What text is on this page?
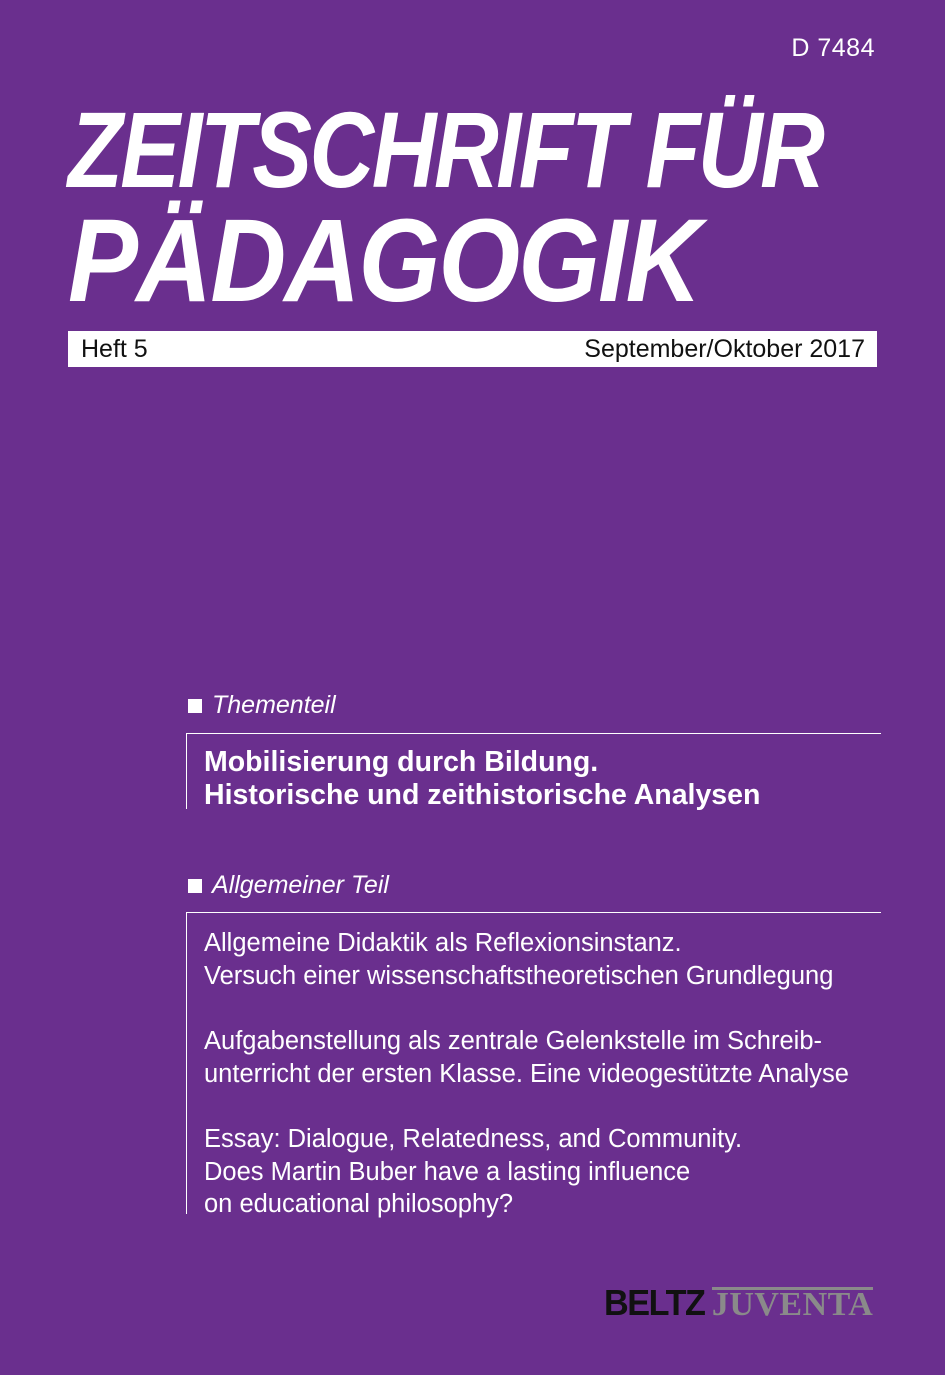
D 7484
ZEITSCHRIFT FÜR
PÄDAGOGIK
Heft 5	September/Oktober 2017
Thementeil
Mobilisierung durch Bildung.
Historische und zeithistorische Analysen
Allgemeiner Teil
Allgemeine Didaktik als Reflexionsinstanz.
Versuch einer wissenschaftstheoretischen Grundlegung
Aufgabenstellung als zentrale Gelenkstelle im Schreib-
unterricht der ersten Klasse. Eine videogestützte Analyse
Essay: Dialogue, Relatedness, and Community.
Does Martin Buber have a lasting influence
on educational philosophy?
BELTZ JUVENTA
